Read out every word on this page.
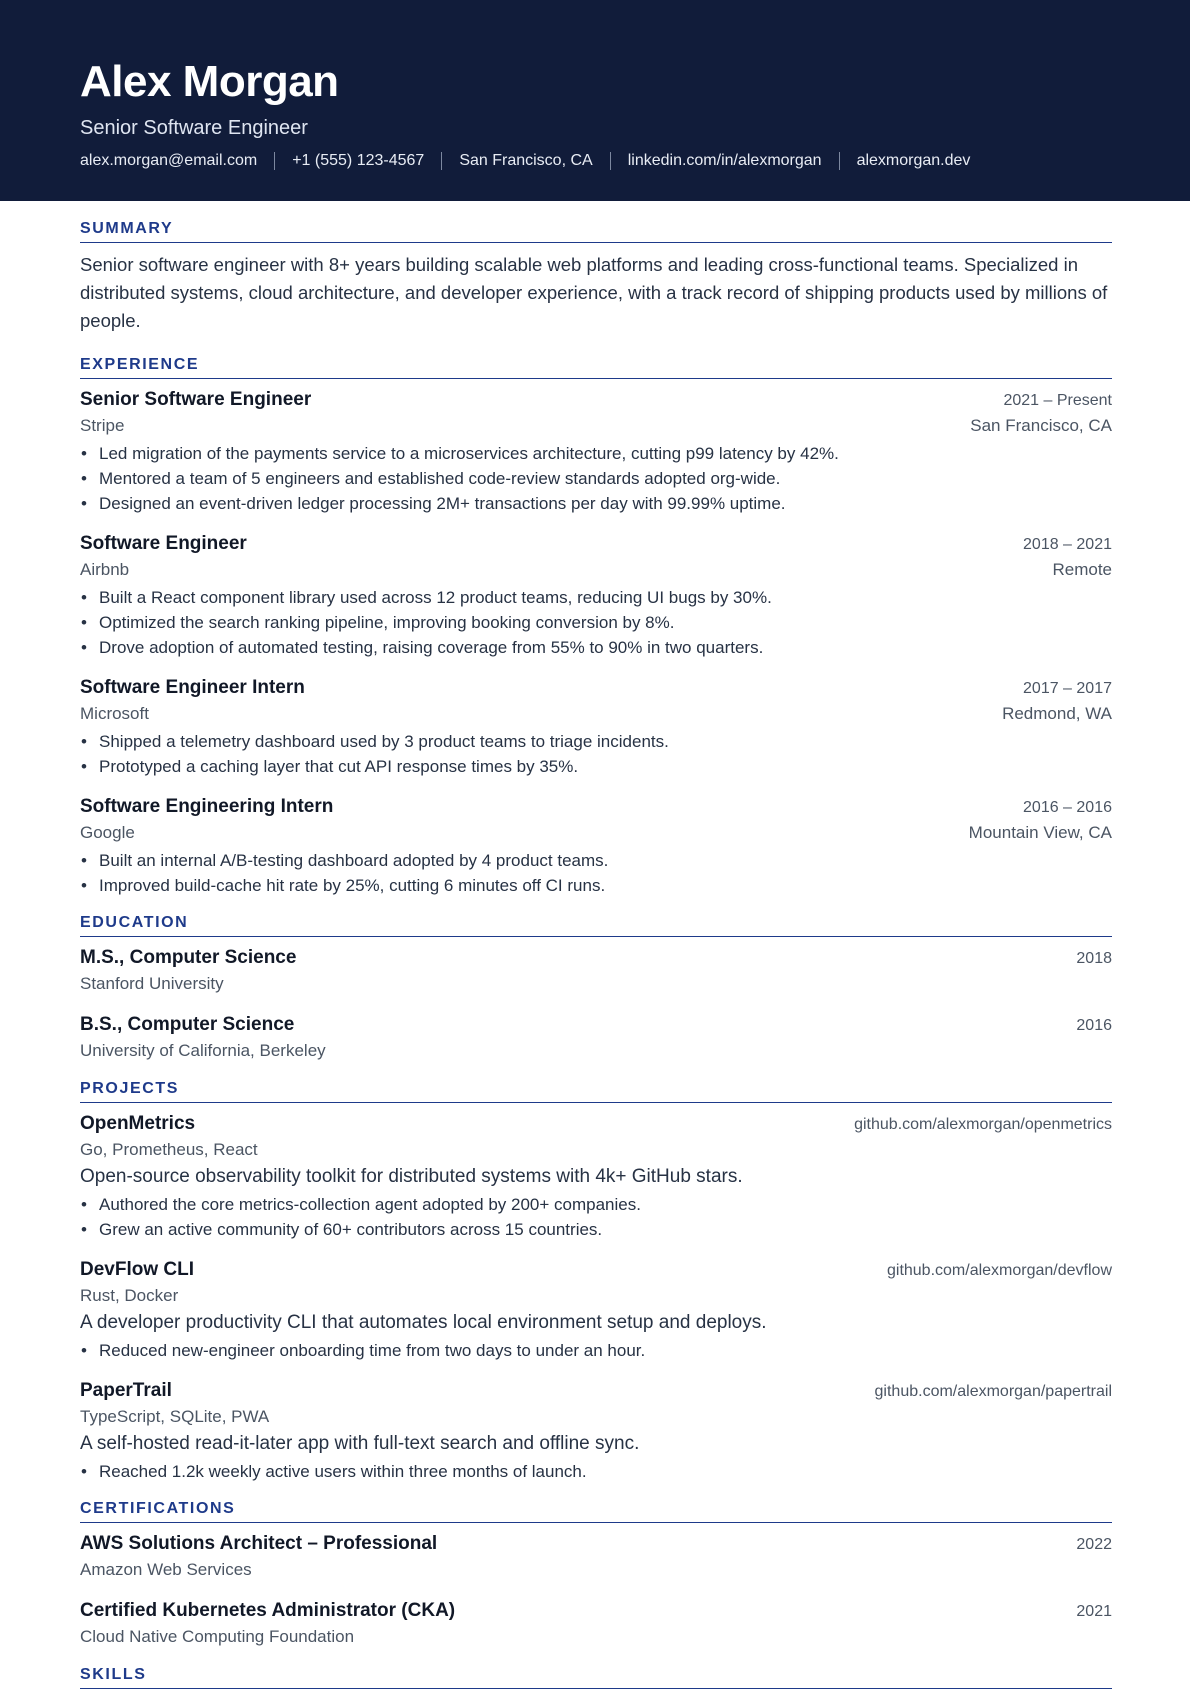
Alex Morgan
Senior Software Engineer
alex.morgan@email.com +1 (555) 123-4567 San Francisco, CA linkedin.com/in/alexmorgan alexmorgan.dev
SUMMARY
Senior software engineer with 8+ years building scalable web platforms and leading cross-functional teams. Specialized in distributed systems, cloud architecture, and developer experience, with a track record of shipping products used by millions of people.
EXPERIENCE
Senior Software Engineer	2021 – Present
Stripe	San Francisco, CA
• Led migration of the payments service to a microservices architecture, cutting p99 latency by 42%.
• Mentored a team of 5 engineers and established code-review standards adopted org-wide.
• Designed an event-driven ledger processing 2M+ transactions per day with 99.99% uptime.
Software Engineer	2018 – 2021
Airbnb	Remote
• Built a React component library used across 12 product teams, reducing UI bugs by 30%.
• Optimized the search ranking pipeline, improving booking conversion by 8%.
• Drove adoption of automated testing, raising coverage from 55% to 90% in two quarters.
Software Engineer Intern	2017 – 2017
Microsoft	Redmond, WA
• Shipped a telemetry dashboard used by 3 product teams to triage incidents.
• Prototyped a caching layer that cut API response times by 35%.
Software Engineering Intern	2016 – 2016
Google	Mountain View, CA
• Built an internal A/B-testing dashboard adopted by 4 product teams.
• Improved build-cache hit rate by 25%, cutting 6 minutes off CI runs.
EDUCATION
M.S., Computer Science	2018
Stanford University
B.S., Computer Science	2016
University of California, Berkeley
PROJECTS
OpenMetrics	github.com/alexmorgan/openmetrics
Go, Prometheus, React
Open-source observability toolkit for distributed systems with 4k+ GitHub stars.
• Authored the core metrics-collection agent adopted by 200+ companies.
• Grew an active community of 60+ contributors across 15 countries.
DevFlow CLI	github.com/alexmorgan/devflow
Rust, Docker
A developer productivity CLI that automates local environment setup and deploys.
• Reduced new-engineer onboarding time from two days to under an hour.
PaperTrail	github.com/alexmorgan/papertrail
TypeScript, SQLite, PWA
A self-hosted read-it-later app with full-text search and offline sync.
• Reached 1.2k weekly active users within three months of launch.
CERTIFICATIONS
AWS Solutions Architect – Professional	2022
Amazon Web Services
Certified Kubernetes Administrator (CKA)	2021
Cloud Native Computing Foundation
SKILLS
